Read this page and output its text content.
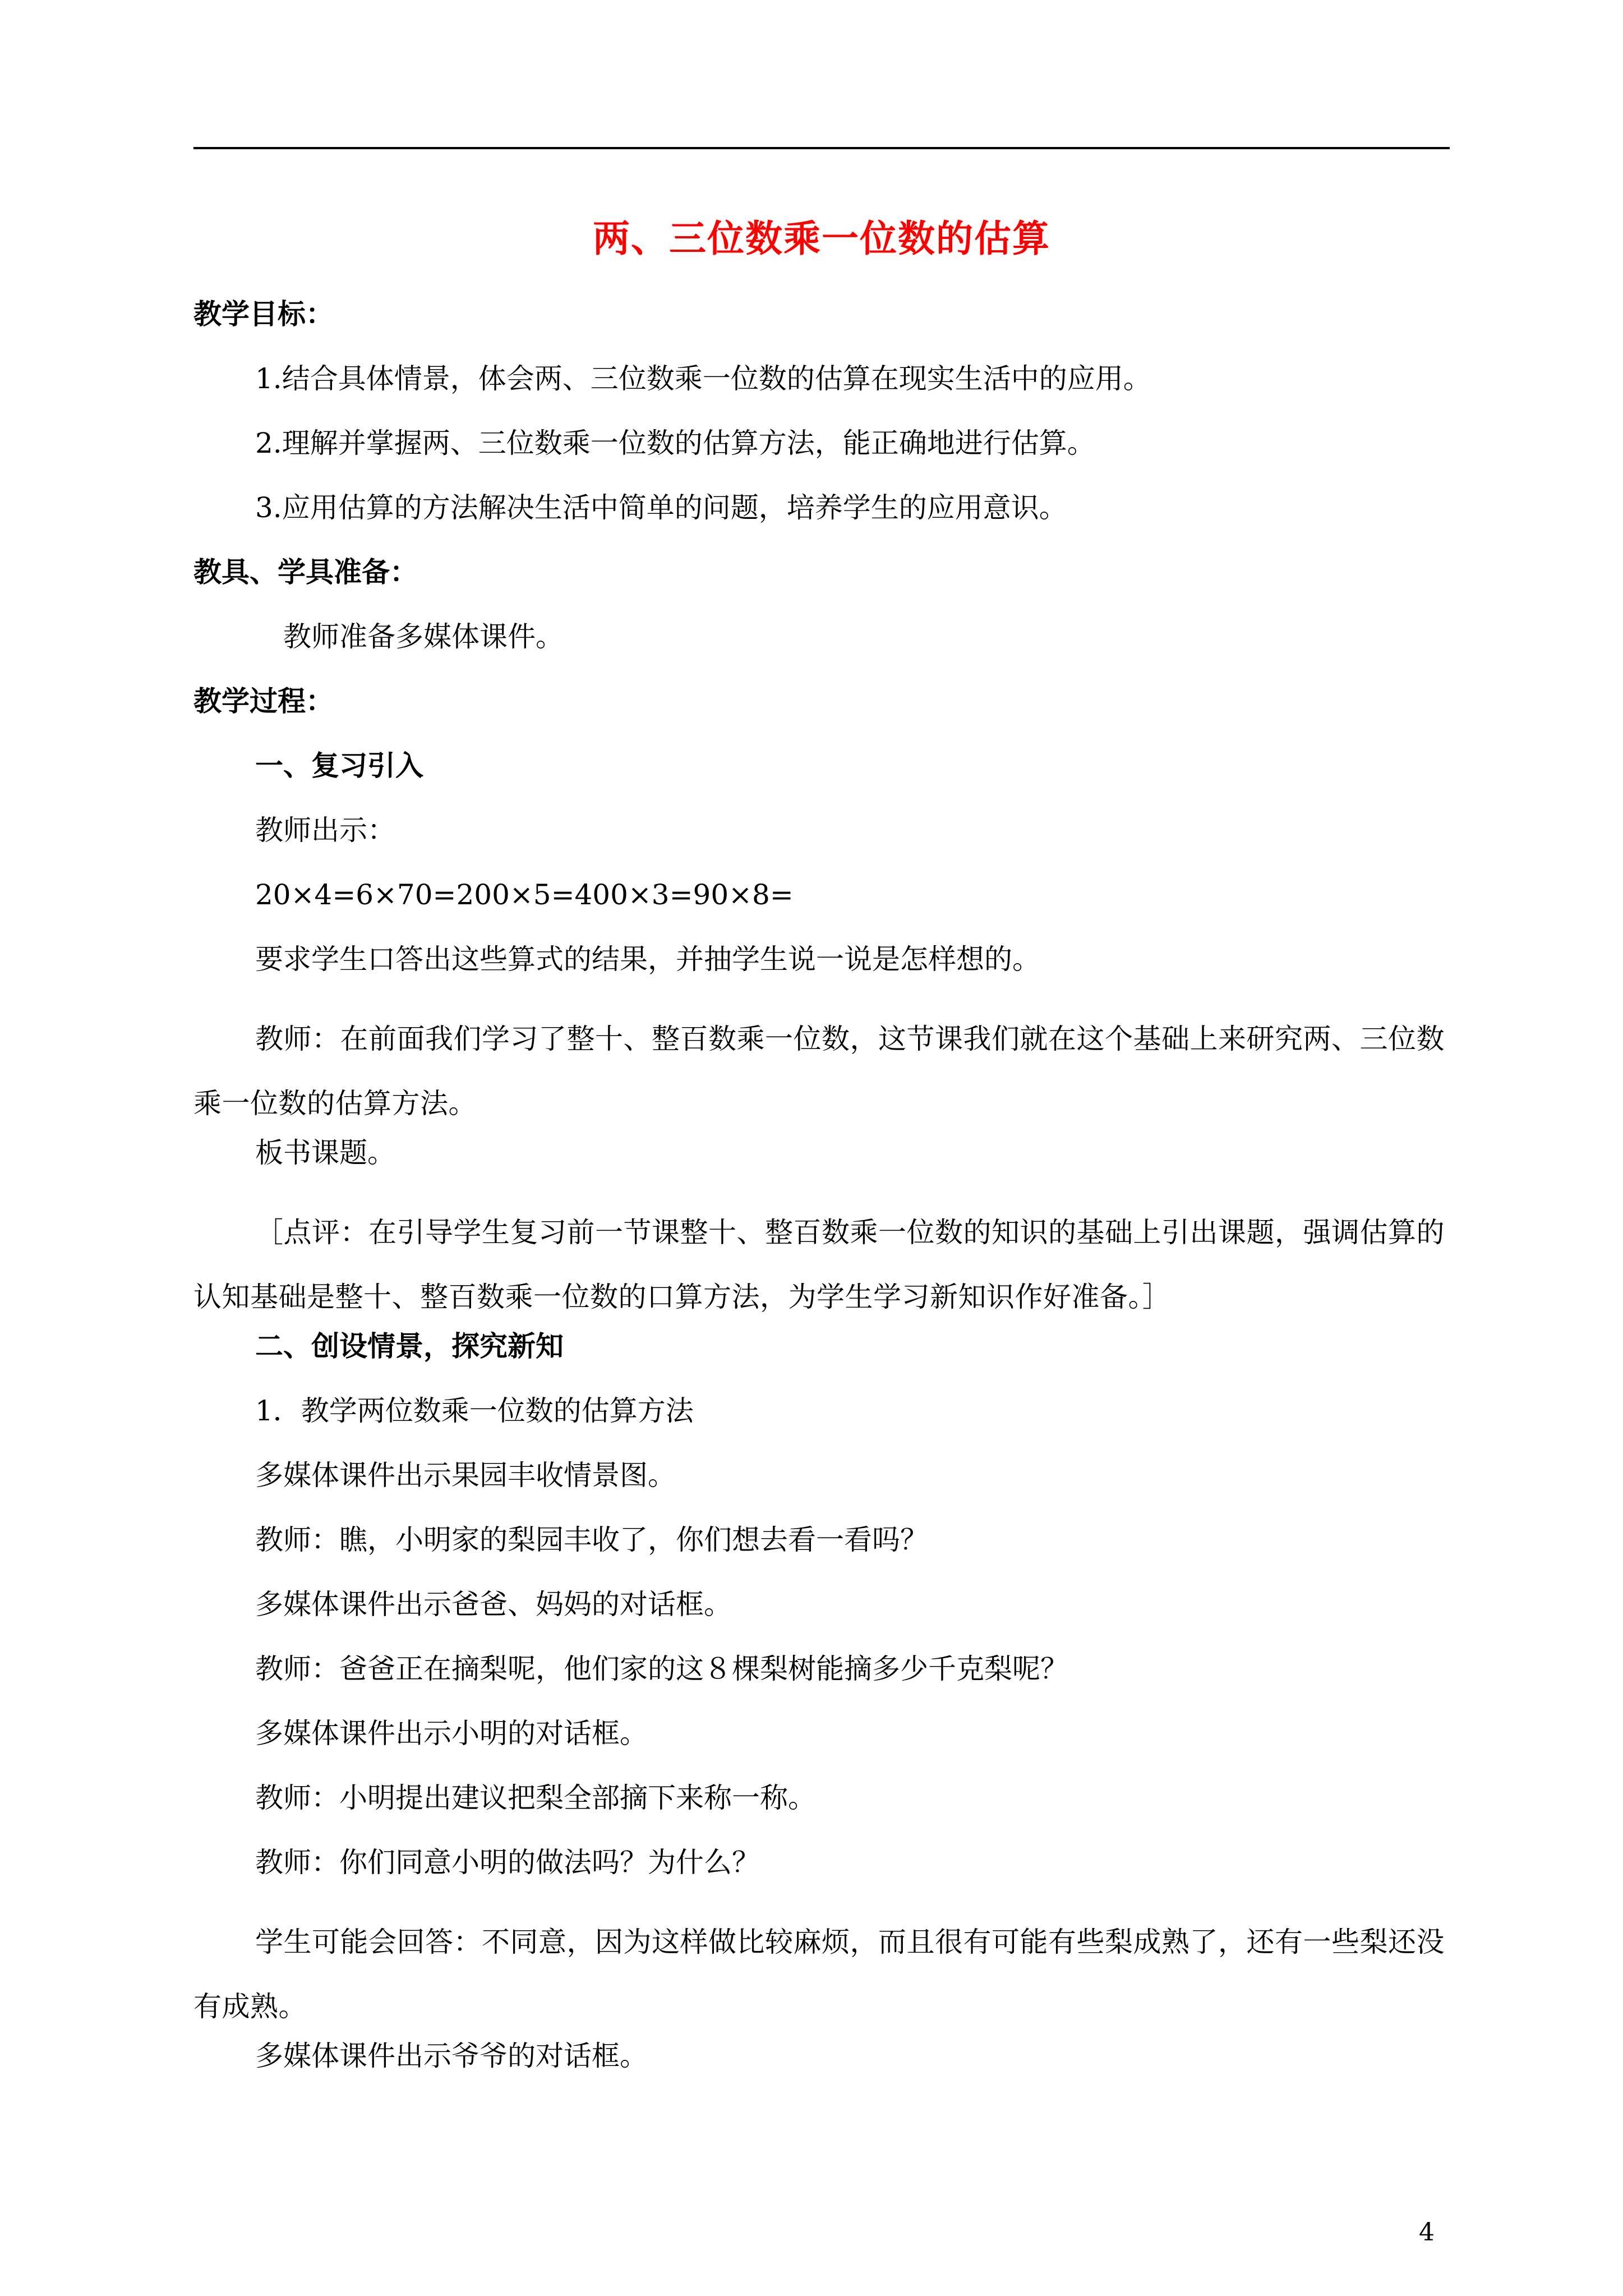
两、三位数乘一位数的估算

教学目标：

1.结合具体情景，体会两、三位数乘一位数的估算在现实生活中的应用。

2.理解并掌握两、三位数乘一位数的估算方法，能正确地进行估算。

3.应用估算的方法解决生活中简单的问题，培养学生的应用意识。

教具、学具准备：

教师准备多媒体课件。

教学过程：

一、复习引入

教师出示：

20×4=6×70=200×5=400×3=90×8=

要求学生口答出这些算式的结果，并抽学生说一说是怎样想的。

教师：在前面我们学习了整十、整百数乘一位数，这节课我们就在这个基础上来研究两、三位数乘一位数的估算方法。

板书课题。

［点评：在引导学生复习前一节课整十、整百数乘一位数的知识的基础上引出课题，强调估算的认知基础是整十、整百数乘一位数的口算方法，为学生学习新知识作好准备。］

二、创设情景，探究新知

1．教学两位数乘一位数的估算方法

多媒体课件出示果园丰收情景图。

教师：瞧，小明家的梨园丰收了，你们想去看一看吗？

多媒体课件出示爸爸、妈妈的对话框。

教师：爸爸正在摘梨呢，他们家的这８棵梨树能摘多少千克梨呢？

多媒体课件出示小明的对话框。

教师：小明提出建议把梨全部摘下来称一称。

教师：你们同意小明的做法吗？为什么？

学生可能会回答：不同意，因为这样做比较麻烦，而且很有可能有些梨成熟了，还有一些梨还没有成熟。

多媒体课件出示爷爷的对话框。

4
